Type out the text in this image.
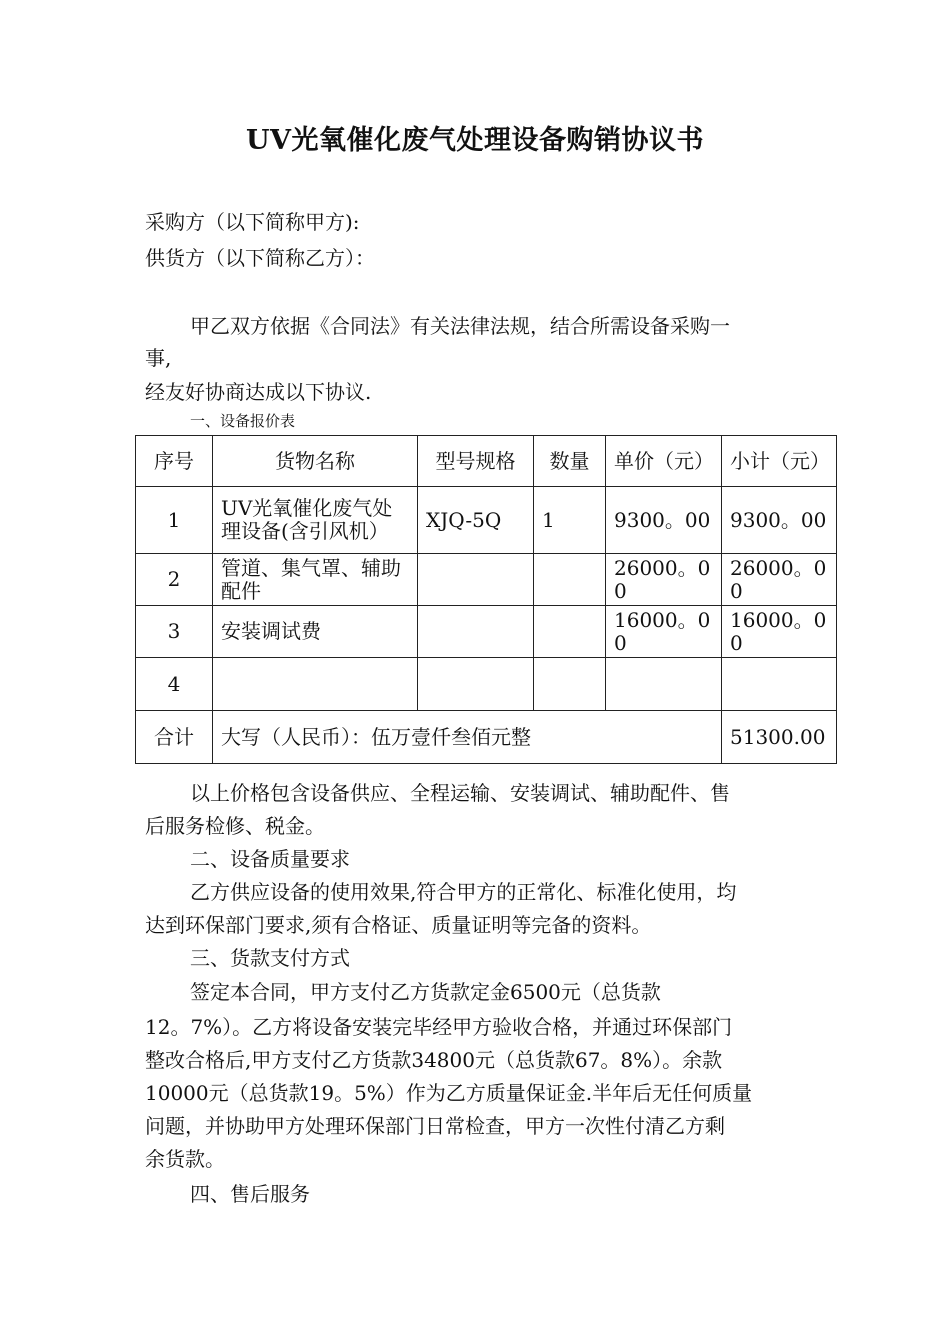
UV光氧催化废气处理设备购销协议书
采购方（以下简称甲方):
供货方（以下简称乙方）：
甲乙双方依据《合同法》有关法律法规，结合所需设备采购一
事,
经友好协商达成以下协议.
一、设备报价表
序号	货物名称	型号规格	数量	单价（元）	小计（元）
1	UV光氧催化废气处理设备(含引风机）	XJQ-5Q	1	9300。00	9300。00
2	管道、集气罩、辅助配件			26000。00	26000。00
3	安装调试费			16000。00	16000。00
4					
合计	大写（人民币）：伍万壹仟叁佰元整				51300.00
以上价格包含设备供应、全程运输、安装调试、辅助配件、售
后服务检修、税金。
二、设备质量要求
乙方供应设备的使用效果,符合甲方的正常化、标准化使用，均
达到环保部门要求,须有合格证、质量证明等完备的资料。
三、货款支付方式
签定本合同，甲方支付乙方货款定金6500元（总货款
12。7%）。乙方将设备安装完毕经甲方验收合格，并通过环保部门
整改合格后,甲方支付乙方货款34800元（总货款67。8%）。余款
10000元（总货款19。5%）作为乙方质量保证金.半年后无任何质量
问题，并协助甲方处理环保部门日常检查，甲方一次性付清乙方剩
余货款。
四、售后服务
